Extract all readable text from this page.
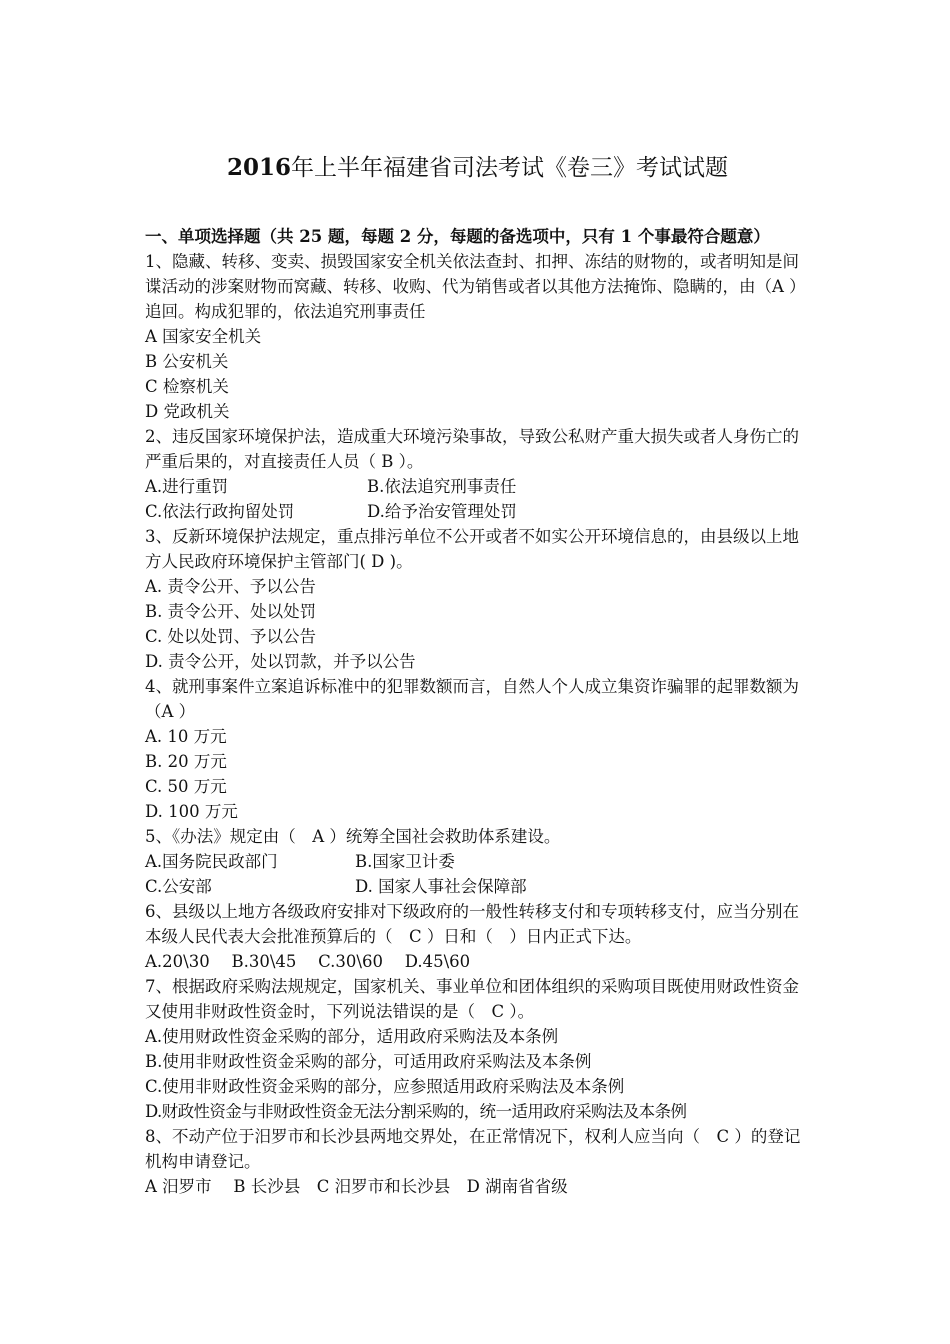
2016年上半年福建省司法考试《卷三》考试试题

一、单项选择题（共 25 题，每题 2 分，每题的备选项中，只有 1 个事最符合题意）

1、隐藏、转移、变卖、损毁国家安全机关依法查封、扣押、冻结的财物的，或者明知是间谍活动的涉案财物而窝藏、转移、收购、代为销售或者以其他方法掩饰、隐瞒的，由（A ）追回。构成犯罪的，依法追究刑事责任

A 国家安全机关

B 公安机关

C 检察机关

D 党政机关

2、违反国家环境保护法，造成重大环境污染事故，导致公私财产重大损失或者人身伤亡的严重后果的，对直接责任人员（ B ）。

A.进行重罚	B.依法追究刑事责任
C.依法行政拘留处罚	D.给予治安管理处罚

3、反新环境保护法规定，重点排污单位不公开或者不如实公开环境信息的，由县级以上地方人民政府环境保护主管部门( D )。

A. 责令公开、予以公告

B. 责令公开、处以处罚

C. 处以处罚、予以公告

D. 责令公开，处以罚款，并予以公告

4、就刑事案件立案追诉标准中的犯罪数额而言，自然人个人成立集资诈骗罪的起罪数额为（A ）

A. 10 万元

B. 20 万元

C. 50 万元

D. 100 万元

5、《办法》规定由（　A ）统筹全国社会救助体系建设。

A.国务院民政部门	B.国家卫计委
C.公安部	D. 国家人事社会保障部

6、县级以上地方各级政府安排对下级政府的一般性转移支付和专项转移支付，应当分别在本级人民代表大会批准预算后的（　C ）日和（　）日内正式下达。

A.20\30　 B.30\45　 C.30\60　 D.45\60

7、根据政府采购法规规定，国家机关、事业单位和团体组织的采购项目既使用财政性资金又使用非财政性资金时，下列说法错误的是（　C ）。

A.使用财政性资金采购的部分，适用政府采购法及本条例

B.使用非财政性资金采购的部分，可适用政府采购法及本条例

C.使用非财政性资金采购的部分，应参照适用政府采购法及本条例

D.财政性资金与非财政性资金无法分割采购的，统一适用政府采购法及本条例

8、不动产位于汨罗市和长沙县两地交界处，在正常情况下，权利人应当向（　C ）的登记机构申请登记。

A 汨罗市　 B 长沙县　C 汨罗市和长沙县　D 湖南省省级
